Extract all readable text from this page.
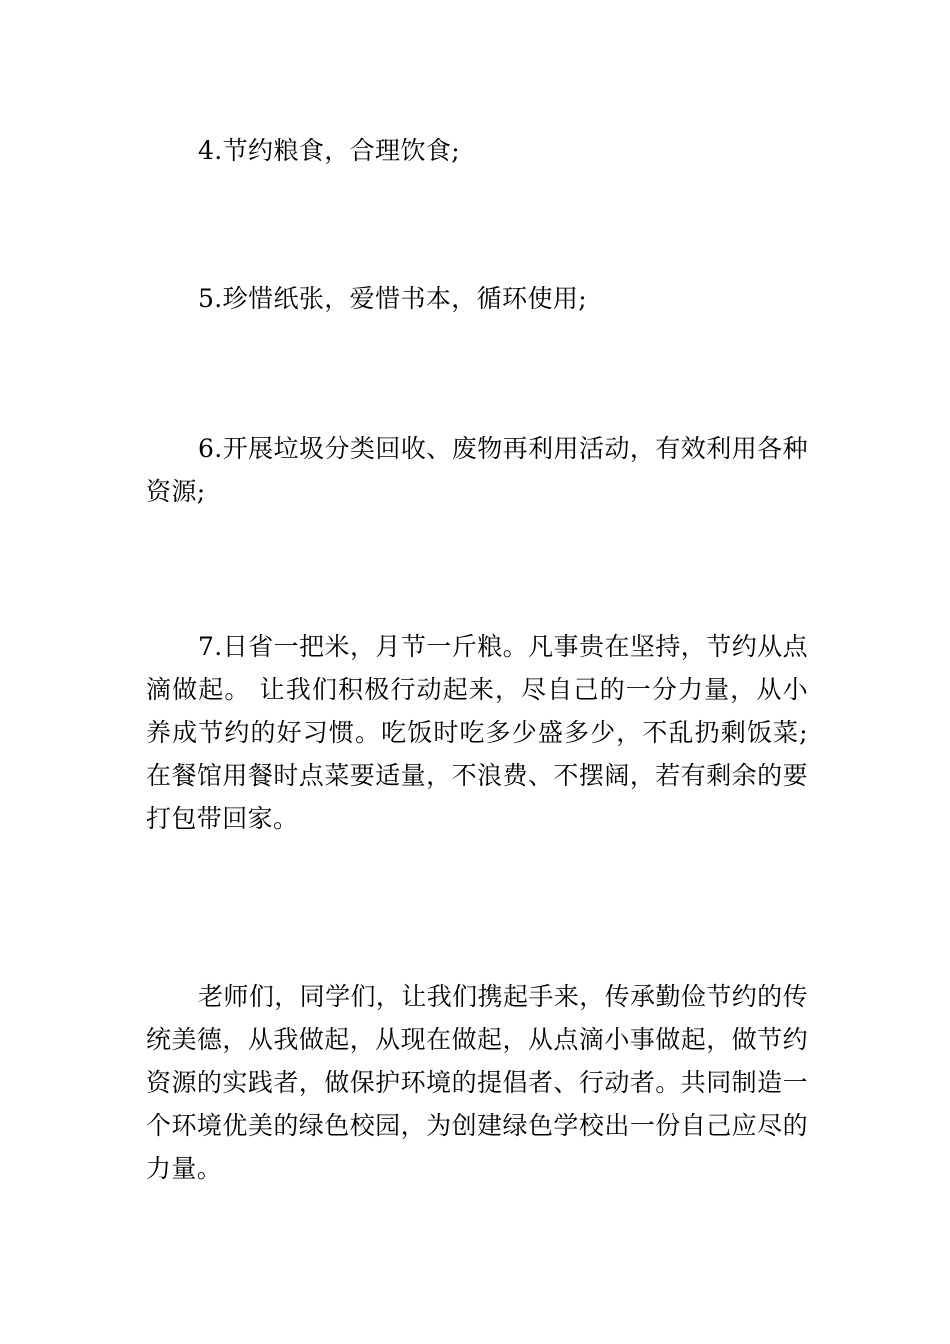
4.节约粮食，合理饮食;

5.珍惜纸张，爱惜书本，循环使用;

6.开展垃圾分类回收、废物再利用活动，有效利用各种资源;

7.日省一把米，月节一斤粮。凡事贵在坚持，节约从点滴做起。 让我们积极行动起来，尽自己的一分力量，从小养成节约的好习惯。吃饭时吃多少盛多少，不乱扔剩饭菜;在餐馆用餐时点菜要适量，不浪费、不摆阔，若有剩余的要打包带回家。

老师们，同学们，让我们携起手来，传承勤俭节约的传统美德，从我做起，从现在做起，从点滴小事做起，做节约资源的实践者，做保护环境的提倡者、行动者。共同制造一个环境优美的绿色校园，为创建绿色学校出一份自己应尽的力量。
